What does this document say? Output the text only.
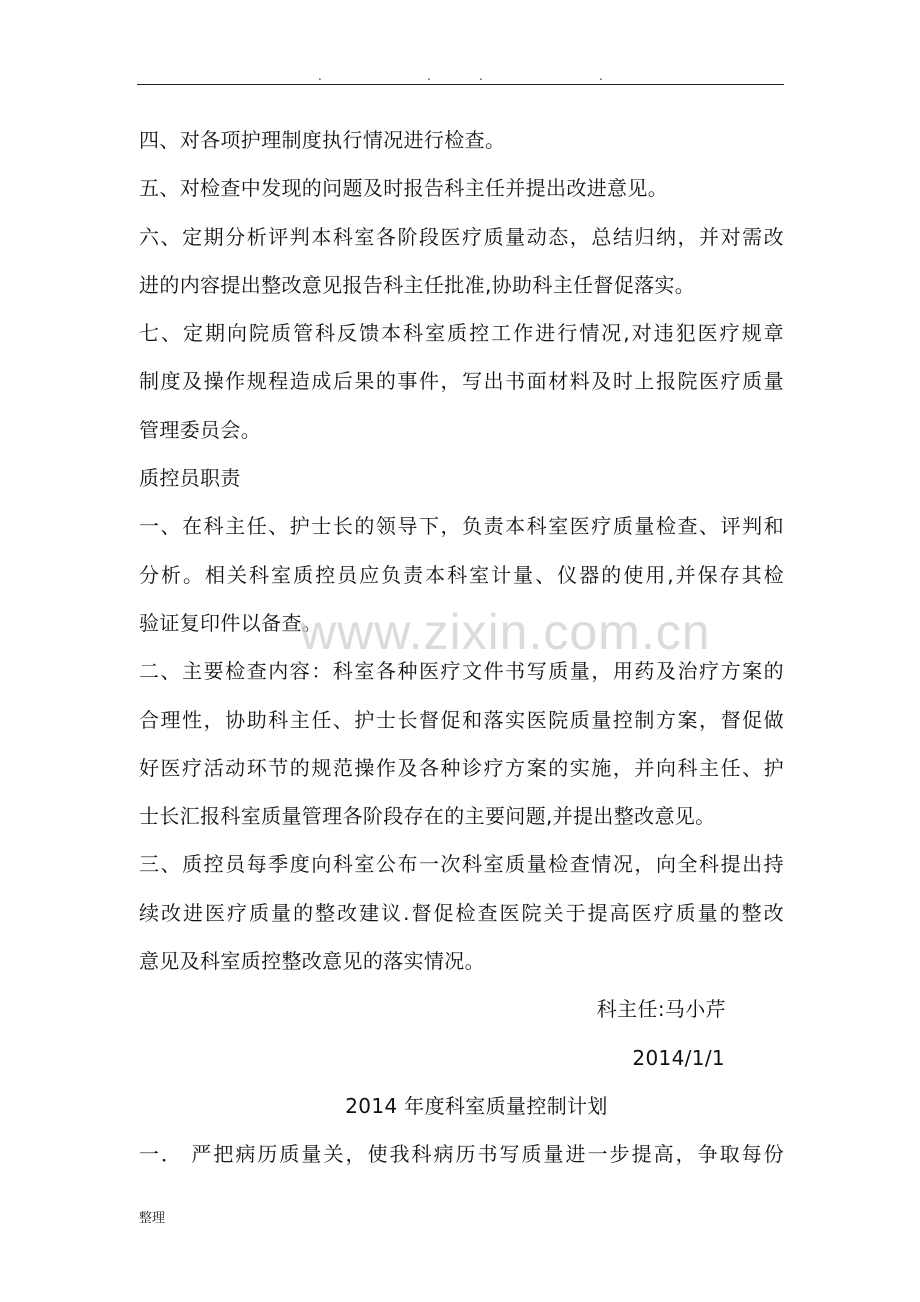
.	.	.	.
四、对各项护理制度执行情况进行检查。
五、对检查中发现的问题及时报告科主任并提出改进意见。
六、定期分析评判本科室各阶段医疗质量动态，总结归纳，并对需改
进的内容提出整改意见报告科主任批准,协助科主任督促落实。
七、定期向院质管科反馈本科室质控工作进行情况,对违犯医疗规章
制度及操作规程造成后果的事件，写出书面材料及时上报院医疗质量
管理委员会。
质控员职责
一、在科主任、护士长的领导下，负责本科室医疗质量检查、评判和
分析。相关科室质控员应负责本科室计量、仪器的使用,并保存其检
验证复印件以备查。
二、主要检查内容：科室各种医疗文件书写质量，用药及治疗方案的
合理性，协助科主任、护士长督促和落实医院质量控制方案，督促做
好医疗活动环节的规范操作及各种诊疗方案的实施，并向科主任、护
士长汇报科室质量管理各阶段存在的主要问题,并提出整改意见。
三、质控员每季度向科室公布一次科室质量检查情况，向全科提出持
续改进医疗质量的整改建议.督促检查医院关于提高医疗质量的整改
意见及科室质控整改意见的落实情况。
科主任:马小芹
2014/1/1
2014 年度科室质量控制计划
一． 严把病历质量关，使我科病历书写质量进一步提高，争取每份
www.zixin.com.cn
整理
